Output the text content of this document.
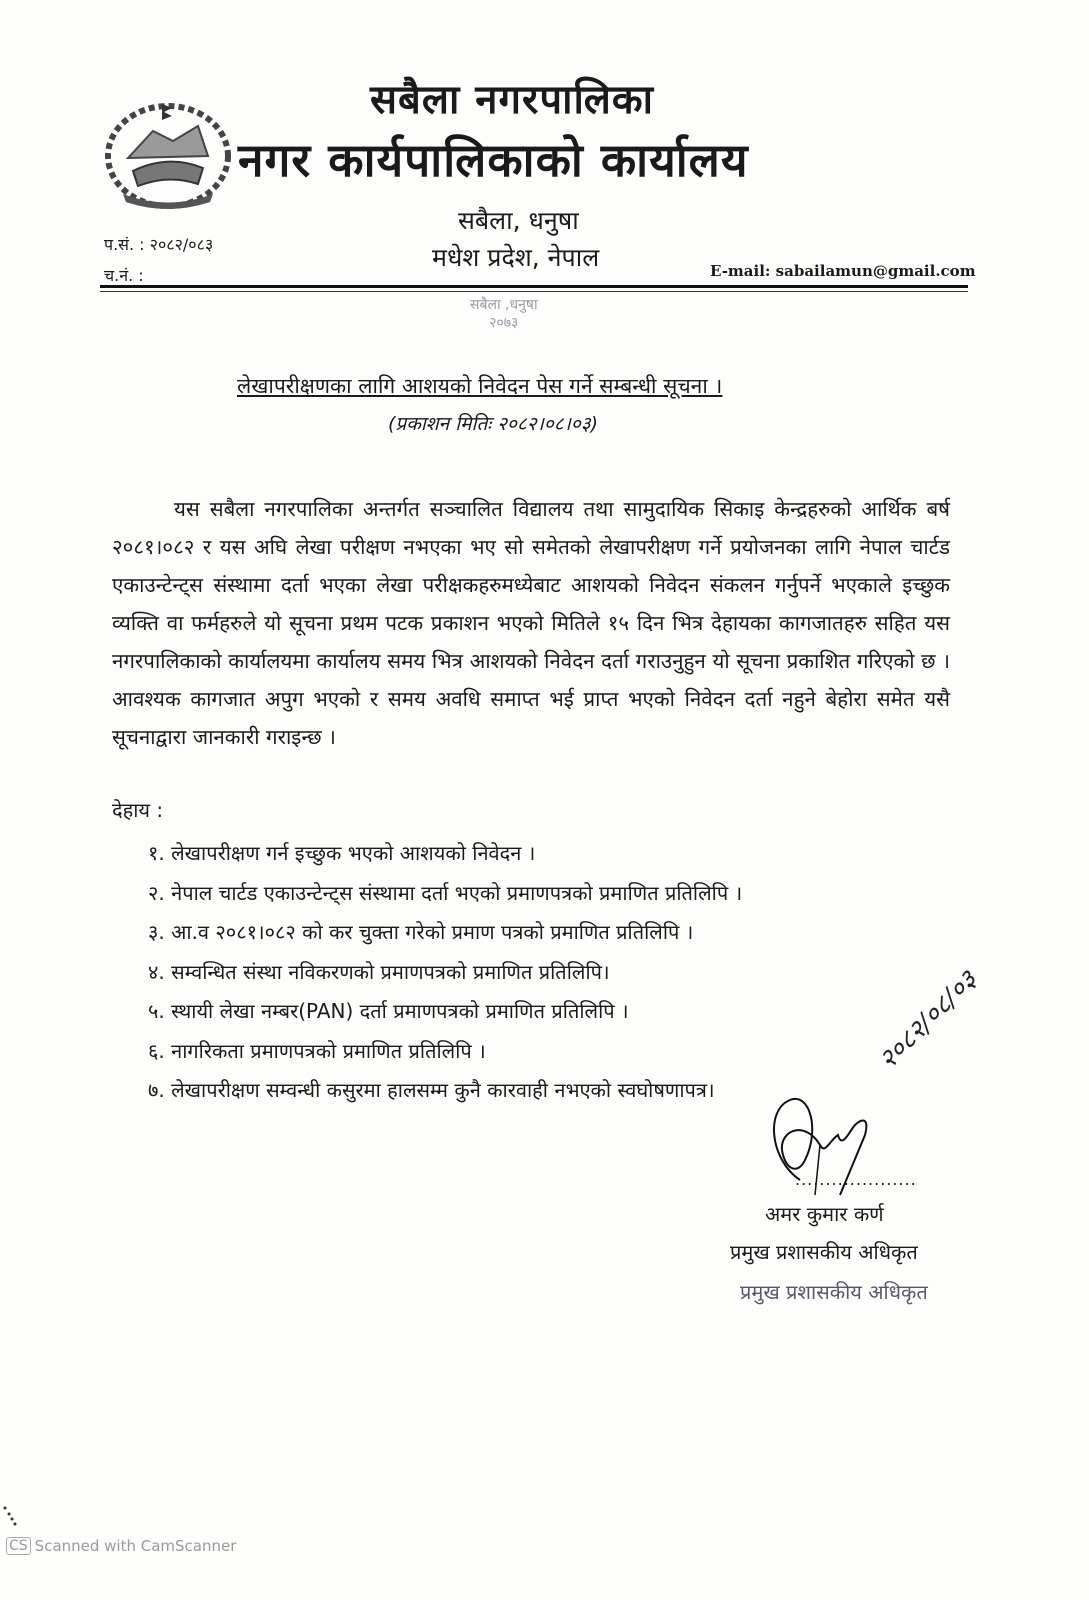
सबैला नगरपालिका
नगर कार्यपालिकाको कार्यालय
सबैला, धनुषा
मधेश प्रदेश, नेपाल
प.सं. : २०८२/०८३
च.नं. :	E-mail: sabailamun@gmail.com
सबैला ,धनुषा
२०७३
लेखापरीक्षणका लागि आशयको निवेदन पेस गर्ने सम्बन्धी सूचना ।
(प्रकाशन मितिः २०८२।०८।०३)

यस सबैला नगरपालिका अन्तर्गत सञ्चालित विद्यालय तथा सामुदायिक सिकाइ केन्द्रहरुको आर्थिक बर्ष २०८१।०८२ र यस अघि लेखा परीक्षण नभएका भए सो समेतको लेखापरीक्षण गर्ने प्रयोजनका लागि नेपाल चार्टड एकाउन्टेन्ट्स संस्थामा दर्ता भएका लेखा परीक्षकहरुमध्येबाट आशयको निवेदन संकलन गर्नुपर्ने भएकाले इच्छुक व्यक्ति वा फर्महरुले यो सूचना प्रथम पटक प्रकाशन भएको मितिले १५ दिन भित्र देहायका कागजातहरु सहित यस नगरपालिकाको कार्यालयमा कार्यालय समय भित्र आशयको निवेदन दर्ता गराउनुहुन यो सूचना प्रकाशित गरिएको छ । आवश्यक कागजात अपुग भएको र समय अवधि समाप्त भई प्राप्त भएको निवेदन दर्ता नहुने बेहोरा समेत यसै सूचनाद्वारा जानकारी गराइन्छ ।

देहाय :
१. लेखापरीक्षण गर्न इच्छुक भएको आशयको निवेदन ।
२. नेपाल चार्टड एकाउन्टेन्ट्स संस्थामा दर्ता भएको प्रमाणपत्रको प्रमाणित प्रतिलिपि ।
३. आ.व २०८१।०८२ को कर चुक्ता गरेको प्रमाण पत्रको प्रमाणित प्रतिलिपि ।
४. सम्वन्धित संस्था नविकरणको प्रमाणपत्रको प्रमाणित प्रतिलिपि।
५. स्थायी लेखा नम्बर(PAN) दर्ता प्रमाणपत्रको प्रमाणित प्रतिलिपि ।
६. नागरिकता प्रमाणपत्रको प्रमाणित प्रतिलिपि ।
७. लेखापरीक्षण सम्वन्धी कसुरमा हालसम्म कुनै कारवाही नभएको स्वघोषणापत्र।
....................
२०८२/०८/०३
अमर कुमार कर्ण
प्रमुख प्रशासकीय अधिकृत
प्रमुख प्रशासकीय अधिकृत
CS Scanned with CamScanner
